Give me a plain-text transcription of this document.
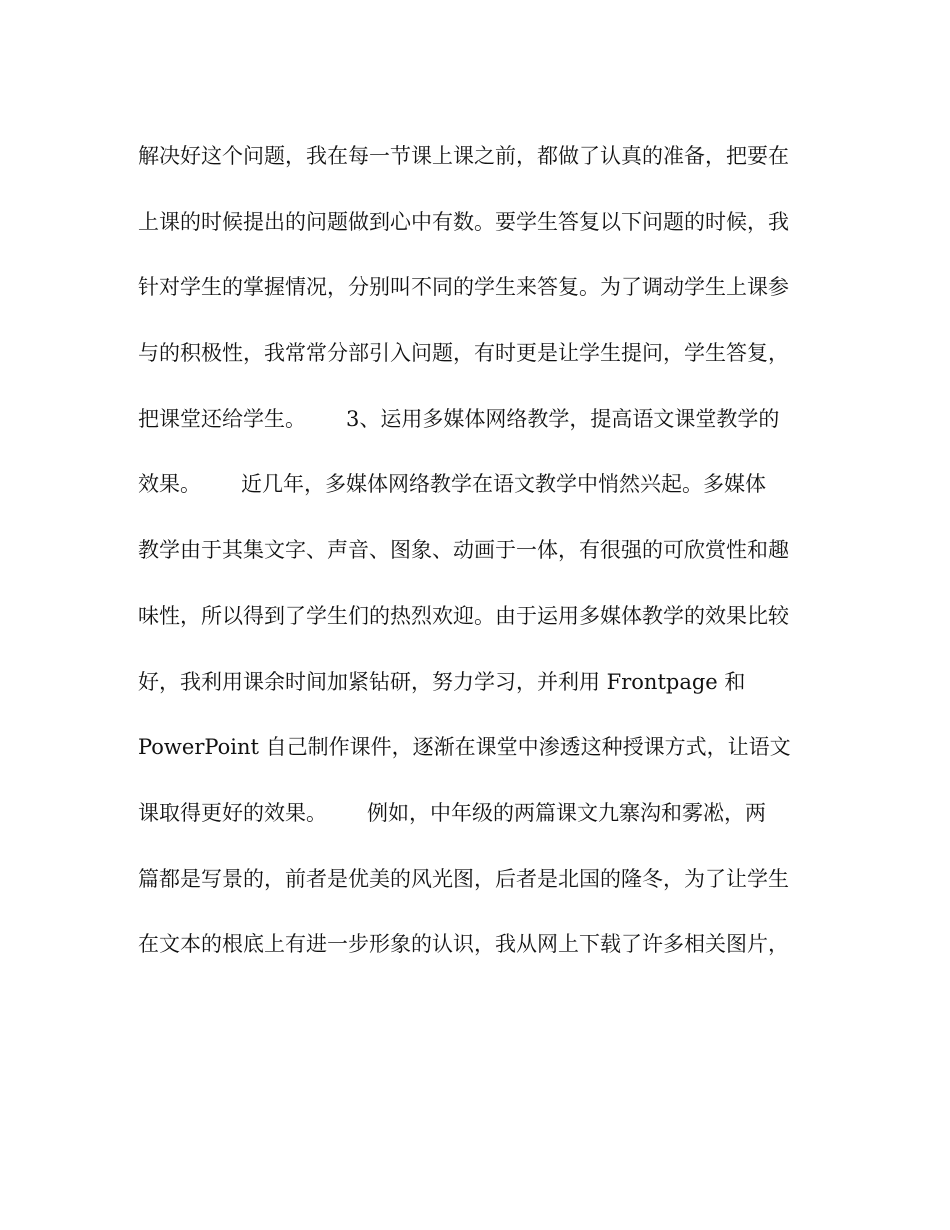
解决好这个问题，我在每一节课上课之前，都做了认真的准备，把要在
上课的时候提出的问题做到心中有数。要学生答复以下问题的时候，我
针对学生的掌握情况，分别叫不同的学生来答复。为了调动学生上课参
与的积极性，我常常分部引入问题，有时更是让学生提问，学生答复，
把课堂还给学生。      3、运用多媒体网络教学，提高语文课堂教学的
效果。      近几年，多媒体网络教学在语文教学中悄然兴起。多媒体
教学由于其集文字、声音、图象、动画于一体，有很强的可欣赏性和趣
味性，所以得到了学生们的热烈欢迎。由于运用多媒体教学的效果比较
好，我利用课余时间加紧钻研，努力学习，并利用 Frontpage 和
PowerPoint 自己制作课件，逐渐在课堂中渗透这种授课方式，让语文
课取得更好的效果。      例如，中年级的两篇课文九寨沟和雾凇，两
篇都是写景的，前者是优美的风光图，后者是北国的隆冬，为了让学生
在文本的根底上有进一步形象的认识，我从网上下载了许多相关图片，
